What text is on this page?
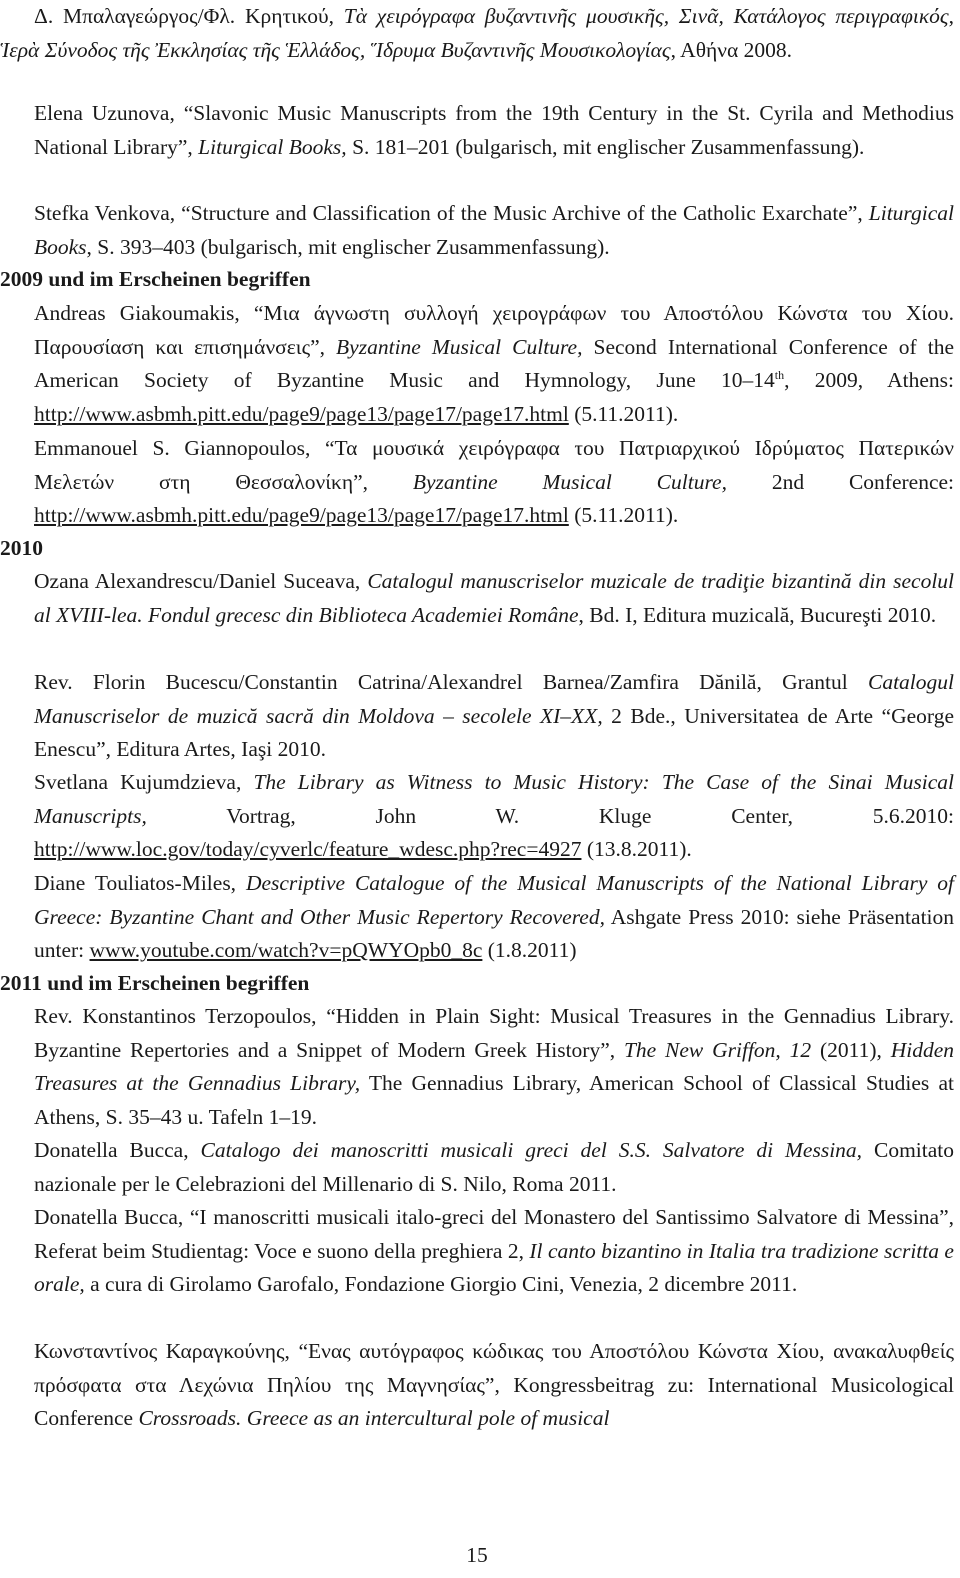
Δ. Μπαλαγεώργος/Φλ. Κρητικού, Τὰ χειρόγραφα βυζαντινῆς μουσικῆς, Σινᾶ, Κατάλογος περιγραφικός, Ἱερὰ Σύνοδος τῆς Ἐκκλησίας τῆς Ἑλλάδος, Ἵδρυμα Βυζαντινῆς Μουσικολογίας, Αθήνα 2008.

Elena Uzunova, “Slavonic Music Manuscripts from the 19th Century in the St. Cyrila and Methodius National Library”, Liturgical Books, S. 181–201 (bulgarisch, mit englischer Zusammenfassung).

Stefka Venkova, “Structure and Classification of the Music Archive of the Catholic Exarchate”, Liturgical Books, S. 393–403 (bulgarisch, mit englischer Zusammenfassung).

2009 und im Erscheinen begriffen

Andreas Giakoumakis, “Μια άγνωστη συλλογή χειρογράφων του Αποστόλου Κώνστα του Χίου. Παρουσίαση και επισημάνσεις”, Byzantine Musical Culture, Second International Conference of the American Society of Byzantine Music and Hymnology, June 10–14th, 2009, Athens: http://www.asbmh.pitt.edu/page9/page13/page17/page17.html (5.11.2011).

Emmanouel S. Giannopoulos, “Τα μουσικά χειρόγραφα του Πατριαρχικού Ιδρύματος Πατερικών Μελετών στη Θεσσαλονίκη”, Byzantine Musical Culture, 2nd Conference: http://www.asbmh.pitt.edu/page9/page13/page17/page17.html (5.11.2011).

2010

Ozana Alexandrescu/Daniel Suceava, Catalogul manuscriselor muzicale de tradiţie bizantină din secolul al XVIII-lea. Fondul grecesc din Biblioteca Academiei Române, Bd. I, Editura muzicală, Bucureşti 2010.

Rev. Florin Bucescu/Constantin Catrina/Alexandrel Barnea/Zamfira Dănilă, Grantul Catalogul Manuscriselor de muzică sacră din Moldova – secolele XI–XX, 2 Bde., Universitatea de Arte “George Enescu”, Editura Artes, Iaşi 2010.

Svetlana Kujumdzieva, The Library as Witness to Music History: The Case of the Sinai Musical Manuscripts, Vortrag, John W. Kluge Center, 5.6.2010: http://www.loc.gov/today/cyverlc/feature_wdesc.php?rec=4927 (13.8.2011).

Diane Touliatos-Miles, Descriptive Catalogue of the Musical Manuscripts of the National Library of Greece: Byzantine Chant and Other Music Repertory Recovered, Ashgate Press 2010: siehe Präsentation unter: www.youtube.com/watch?v=pQWYOpb0_8c (1.8.2011)

2011 und im Erscheinen begriffen

Rev. Konstantinos Terzopoulos, “Hidden in Plain Sight: Musical Treasures in the Gennadius Library. Byzantine Repertories and a Snippet of Modern Greek History”, The New Griffon, 12 (2011), Hidden Treasures at the Gennadius Library, The Gennadius Library, American School of Classical Studies at Athens, S. 35–43 u. Tafeln 1–19.

Donatella Bucca, Catalogo dei manoscritti musicali greci del S.S. Salvatore di Messina, Comitato nazionale per le Celebrazioni del Millenario di S. Nilo, Roma 2011.

Donatella Bucca, “I manoscritti musicali italo-greci del Monastero del Santissimo Salvatore di Messina”, Referat beim Studientag: Voce e suono della preghiera 2, Il canto bizantino in Italia tra tradizione scritta e orale, a cura di Girolamo Garofalo, Fondazione Giorgio Cini, Venezia, 2 dicembre 2011.

Κωνσταντίνος Καραγκούνης, “Ενας αυτόγραφος κώδικας του Αποστόλου Κώνστα Χίου, ανακαλυφθείς πρόσφατα στα Λεχώνια Πηλίου της Μαγνησίας”, Kongressbeitrag zu: International Musicological Conference Crossroads. Greece as an intercultural pole of musical

15
